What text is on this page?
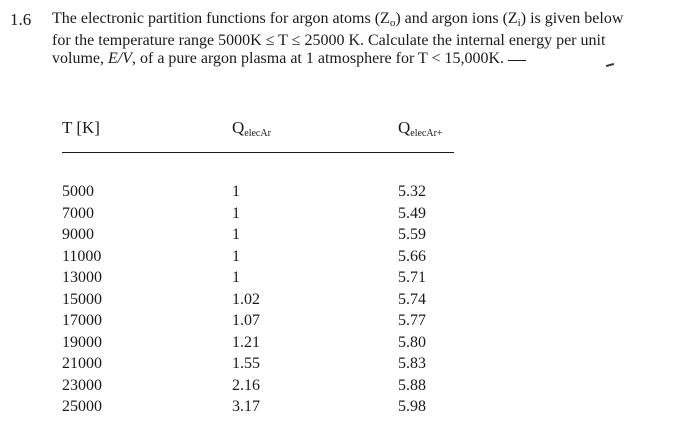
1.6 The electronic partition functions for argon atoms $(Z_o)$ and argon ions $(Z_i)$ is given below
for the temperature range 5000K ≤ T ≤ 25000 K. Calculate the internal energy per unit
volume, E/V, of a pure argon plasma at 1 atmosphere for T < 15,000K.
T [K]	QelecAr	QelecAr+
5000	1	5.32
7000	1	5.49
9000	1	5.59
11000	1	5.66
13000	1	5.71
15000	1.02	5.74
17000	1.07	5.77
19000	1.21	5.80
21000	1.55	5.83
23000	2.16	5.88
25000	3.17	5.98
